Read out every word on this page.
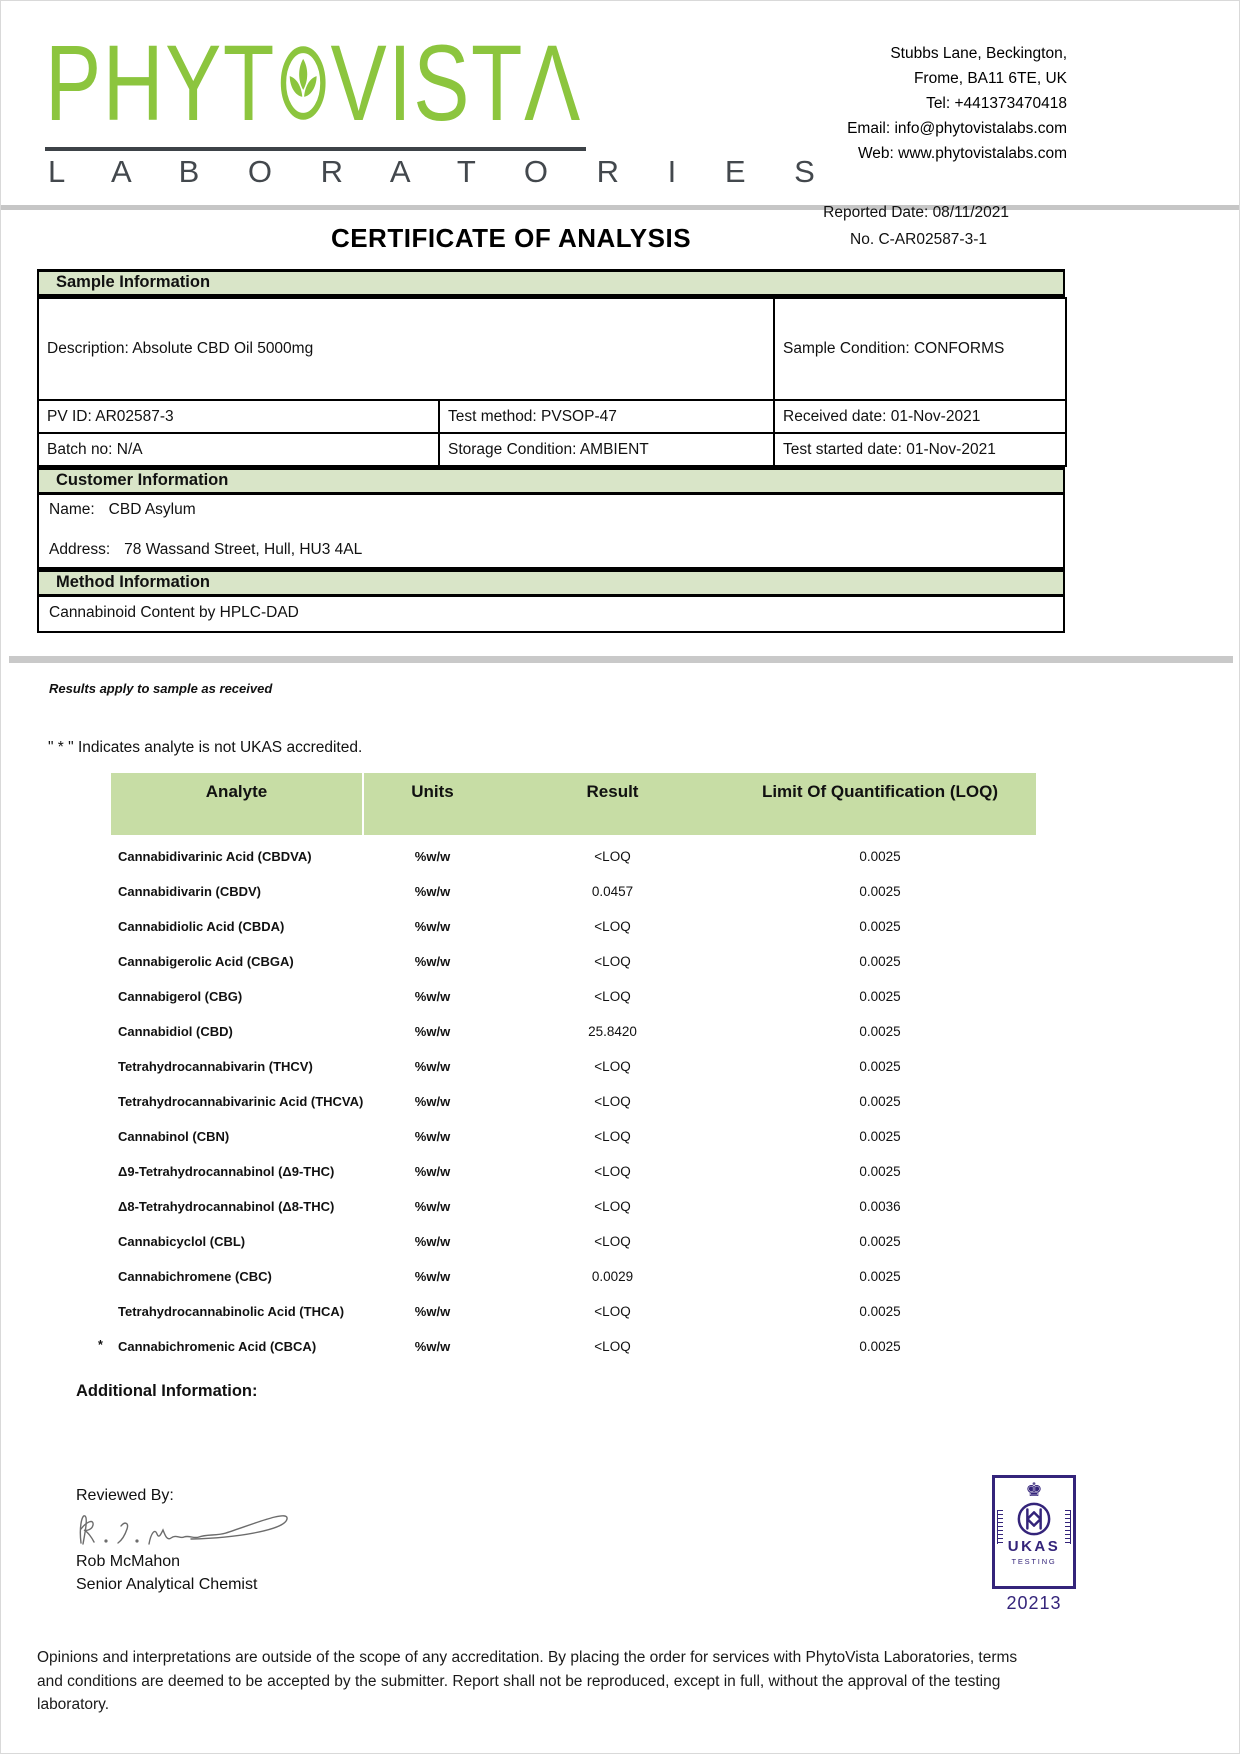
PHYT VISTΛ
L A B O R A T O R I E S
Stubbs Lane, Beckington,
Frome, BA11 6TE, UK
Tel: +441373470418
Email: info@phytovistalabs.com
Web: www.phytovistalabs.com
Reported Date: 08/11/2021
CERTIFICATE OF ANALYSIS	No. C-AR02587-3-1
Sample Information
Description: Absolute CBD Oil 5000mg		Sample Condition: CONFORMS
PV ID: AR02587-3	Test method: PVSOP-47	Received date: 01-Nov-2021
Batch no: N/A	Storage Condition: AMBIENT	Test started date: 01-Nov-2021
Customer Information
Name: CBD Asylum
Address: 78 Wassand Street, Hull, HU3 4AL
Method Information
Cannabinoid Content by HPLC-DAD
Results apply to sample as received
" * " Indicates analyte is not UKAS accredited.
Analyte	Units	Result	Limit Of Quantification (LOQ)
Cannabidivarinic Acid (CBDVA)	%w/w	<LOQ	0.0025
Cannabidivarin (CBDV)	%w/w	0.0457	0.0025
Cannabidiolic Acid (CBDA)	%w/w	<LOQ	0.0025
Cannabigerolic Acid (CBGA)	%w/w	<LOQ	0.0025
Cannabigerol (CBG)	%w/w	<LOQ	0.0025
Cannabidiol (CBD)	%w/w	25.8420	0.0025
Tetrahydrocannabivarin (THCV)	%w/w	<LOQ	0.0025
Tetrahydrocannabivarinic Acid (THCVA)	%w/w	<LOQ	0.0025
Cannabinol (CBN)	%w/w	<LOQ	0.0025
Δ9-Tetrahydrocannabinol (Δ9-THC)	%w/w	<LOQ	0.0025
Δ8-Tetrahydrocannabinol (Δ8-THC)	%w/w	<LOQ	0.0036
Cannabicyclol (CBL)	%w/w	<LOQ	0.0025
Cannabichromene (CBC)	%w/w	0.0029	0.0025
Tetrahydrocannabinolic Acid (THCA)	%w/w	<LOQ	0.0025
*	Cannabichromenic Acid (CBCA)	%w/w	<LOQ	0.0025
Additional Information:
Reviewed By:
Rob McMahon
Senior Analytical Chemist
♚
UKAS
TESTING
20213
Opinions and interpretations are outside of the scope of any accreditation. By placing the order for services with PhytoVista Laboratories, terms and conditions are deemed to be accepted by the submitter. Report shall not be reproduced, except in full, without the approval of the testing laboratory.
